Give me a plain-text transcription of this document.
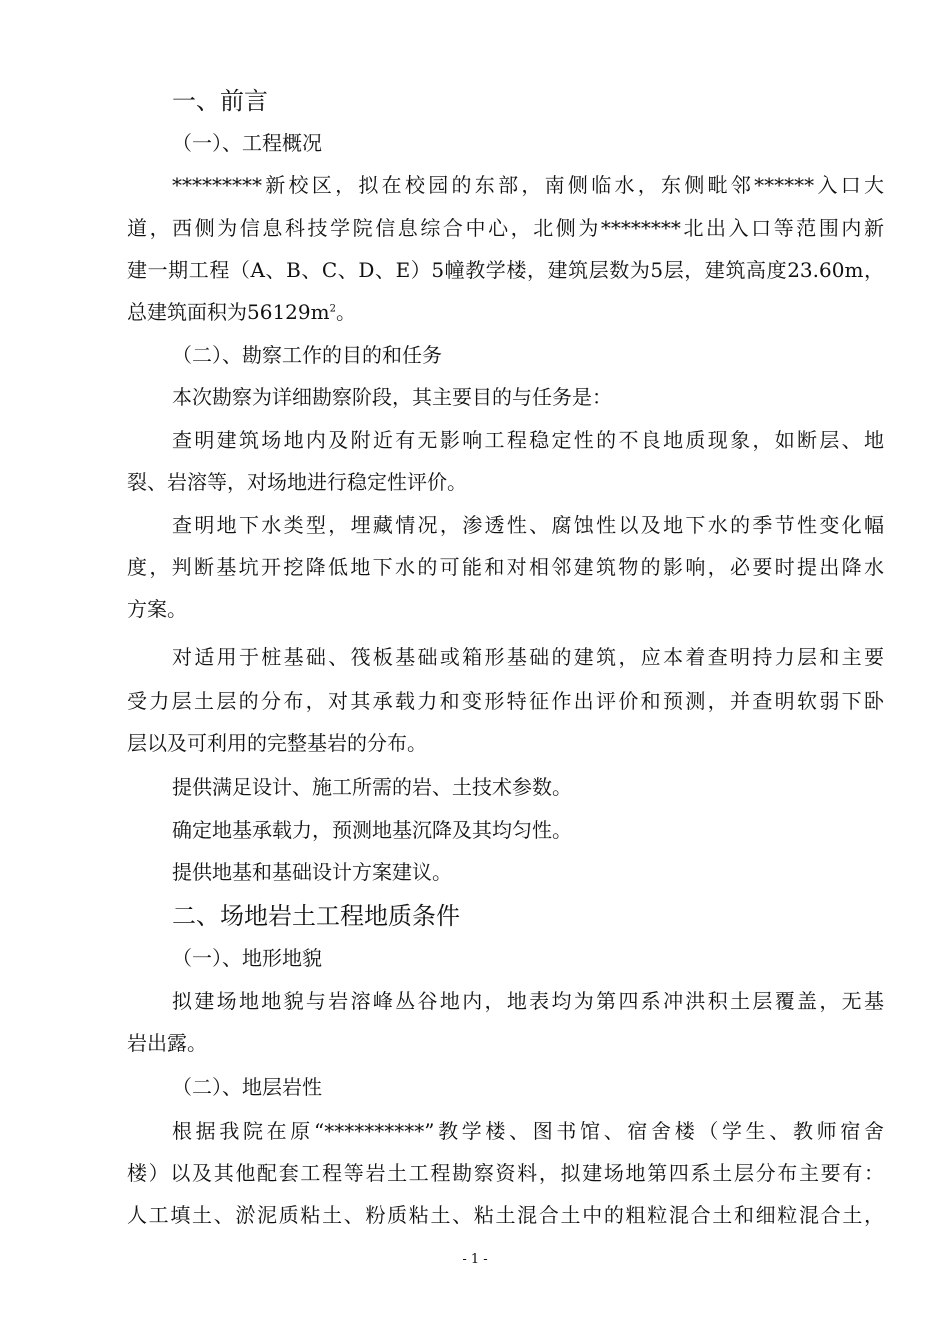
一、前言
（一）、工程概况
*********新校区，拟在校园的东部，南侧临水，东侧毗邻******入口大
道，西侧为信息科技学院信息综合中心，北侧为********北出入口等范围内新
建一期工程（A、B、C、D、E）5幢教学楼，建筑层数为5层，建筑高度23.60m，
总建筑面积为$56129m^2$。
（二）、勘察工作的目的和任务
本次勘察为详细勘察阶段，其主要目的与任务是：
查明建筑场地内及附近有无影响工程稳定性的不良地质现象，如断层、地
裂、岩溶等，对场地进行稳定性评价。
查明地下水类型，埋藏情况，渗透性、腐蚀性以及地下水的季节性变化幅
度，判断基坑开挖降低地下水的可能和对相邻建筑物的影响，必要时提出降水
方案。
对适用于桩基础、筏板基础或箱形基础的建筑，应本着查明持力层和主要
受力层土层的分布，对其承载力和变形特征作出评价和预测，并查明软弱下卧
层以及可利用的完整基岩的分布。
提供满足设计、施工所需的岩、土技术参数。
确定地基承载力，预测地基沉降及其均匀性。
提供地基和基础设计方案建议。
二、场地岩土工程地质条件
（一）、地形地貌
拟建场地地貌与岩溶峰丛谷地内，地表均为第四系冲洪积土层覆盖，无基
岩出露。
（二）、地层岩性
根据我院在原“**********”教学楼、图书馆、宿舍楼（学生、教师宿舍
楼）以及其他配套工程等岩土工程勘察资料，拟建场地第四系土层分布主要有：
人工填土、淤泥质粘土、粉质粘土、粘土混合土中的粗粒混合土和细粒混合土，
- 1 -
